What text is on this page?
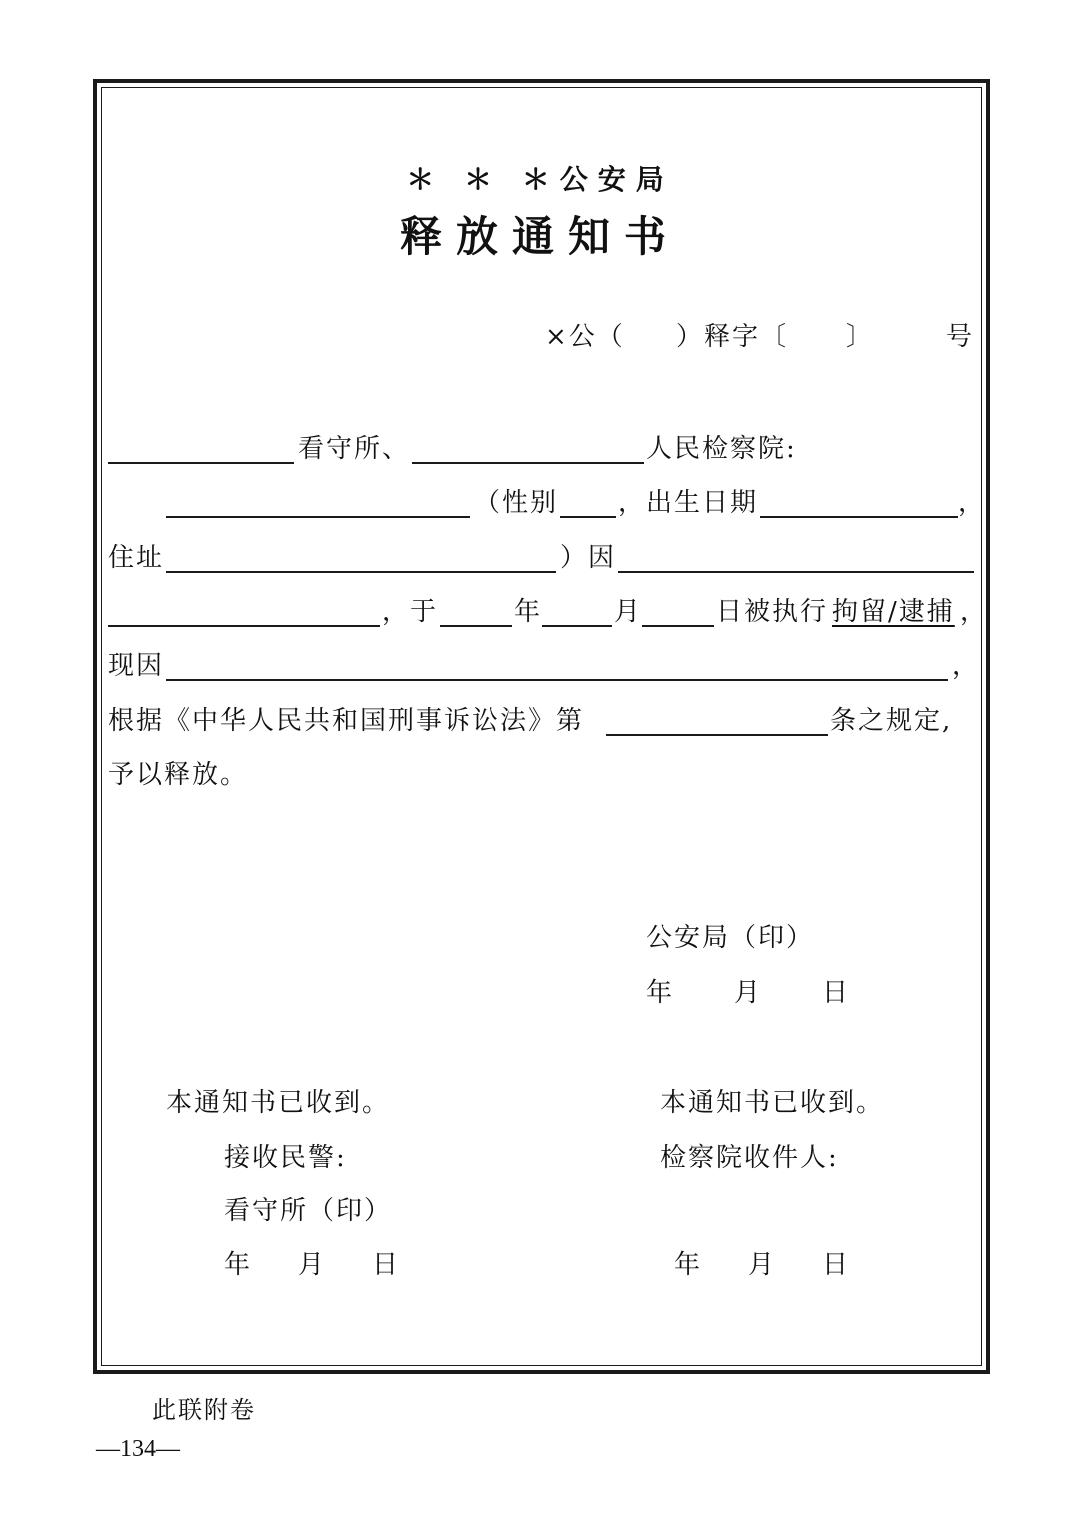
＊ ＊ ＊公安局
释放通知书
×公（ ）释字〔 〕	号
看守所、	人民检察院:
（性别 ，出生日期	，
住址	）因
，于	年	月	日被执行 拘留/逮捕 ，
现因	，
根据《中华人民共和国刑事诉讼法》第	条之规定,
予以释放。
公安局（印）
年 月 日
本通知书已收到。
接收民警:
看守所（印）
年 月 日
本通知书已收到。
检察院收件人:
年 月 日
此联附卷
—134—
